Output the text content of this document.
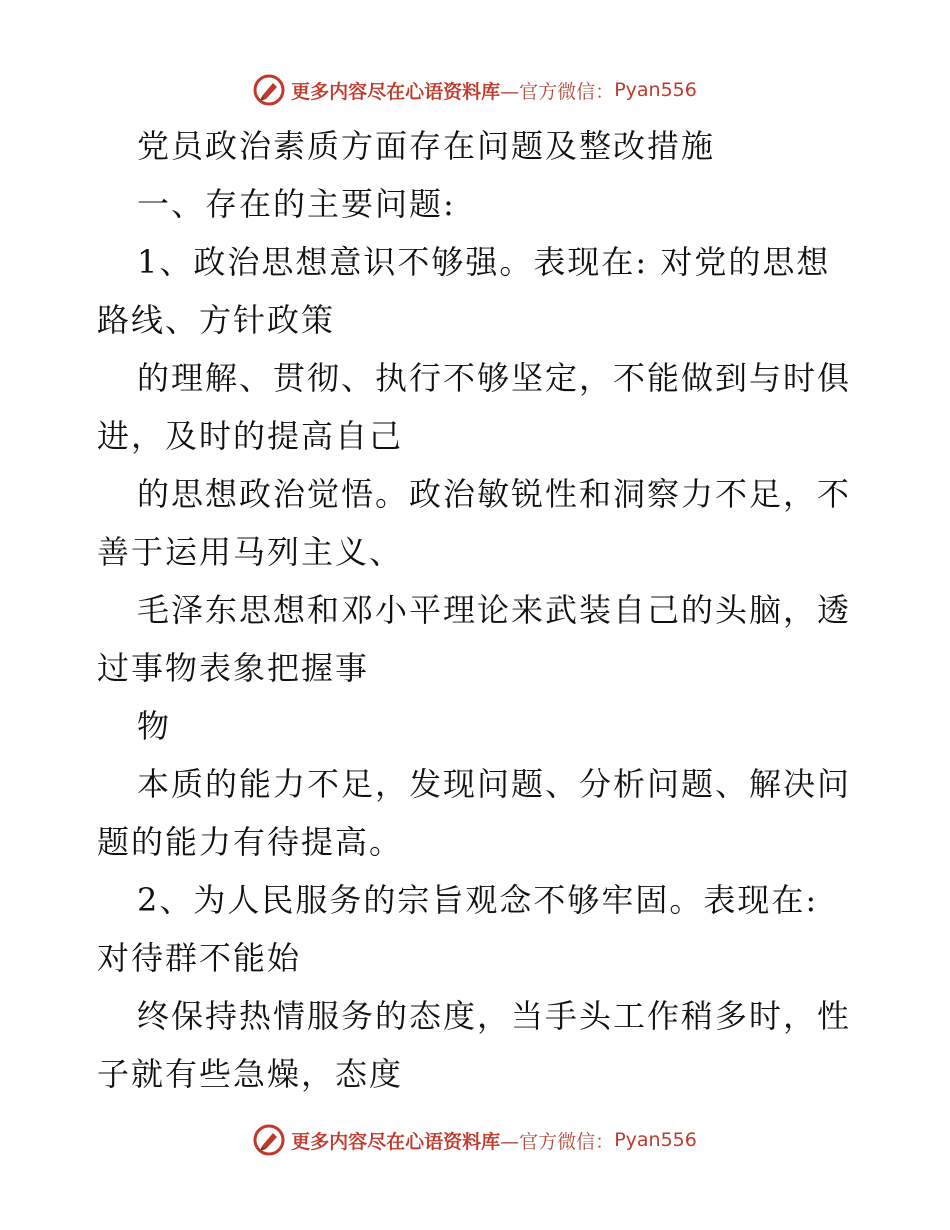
更多内容尽在心语资料库 —官方微信： Pyan556

党员政治素质方面存在问题及整改措施

一、存在的主要问题:

1、政治思想意识不够强。表现在: 对党的思想

路线、方针政策

的理解、贯彻、执行不够坚定，不能做到与时俱

进，及时的提高自己

的思想政治觉悟。政治敏锐性和洞察力不足，不

善于运用马列主义、

毛泽东思想和邓小平理论来武装自己的头脑，透

过事物表象把握事

物

本质的能力不足，发现问题、分析问题、解决问

题的能力有待提高。

2、为人民服务的宗旨观念不够牢固。表现在:

对待群不能始

终保持热情服务的态度，当手头工作稍多时，性

子就有些急燥，态度

更多内容尽在心语资料库 —官方微信： Pyan556
